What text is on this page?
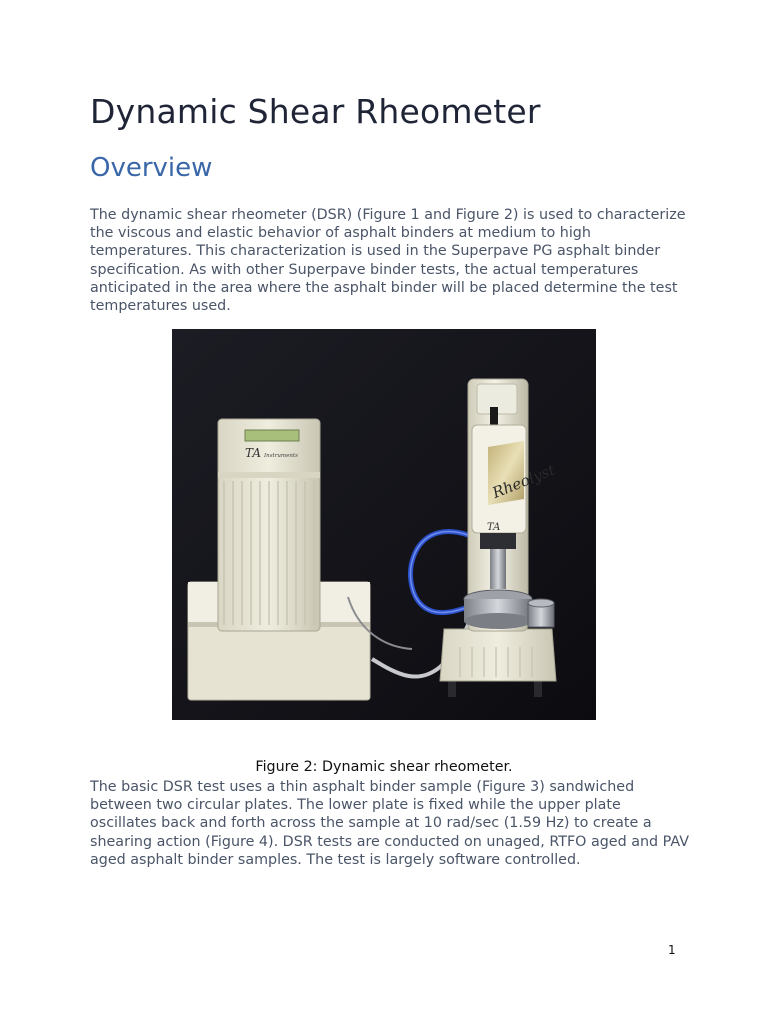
Dynamic Shear Rheometer
Overview

The dynamic shear rheometer (DSR) (Figure 1 and Figure 2) is used to characterize the viscous and elastic behavior of asphalt binders at medium to high temperatures. This characterization is used in the Superpave PG asphalt binder specification. As with other Superpave binder tests, the actual temperatures anticipated in the area where the asphalt binder will be placed determine the test temperatures used.

TA Instruments
Rheolyst
TA

Figure 2: Dynamic shear rheometer.

The basic DSR test uses a thin asphalt binder sample (Figure 3) sandwiched between two circular plates. The lower plate is fixed while the upper plate oscillates back and forth across the sample at 10 rad/sec (1.59 Hz) to create a shearing action (Figure 4). DSR tests are conducted on unaged, RTFO aged and PAV aged asphalt binder samples. The test is largely software controlled.

1
